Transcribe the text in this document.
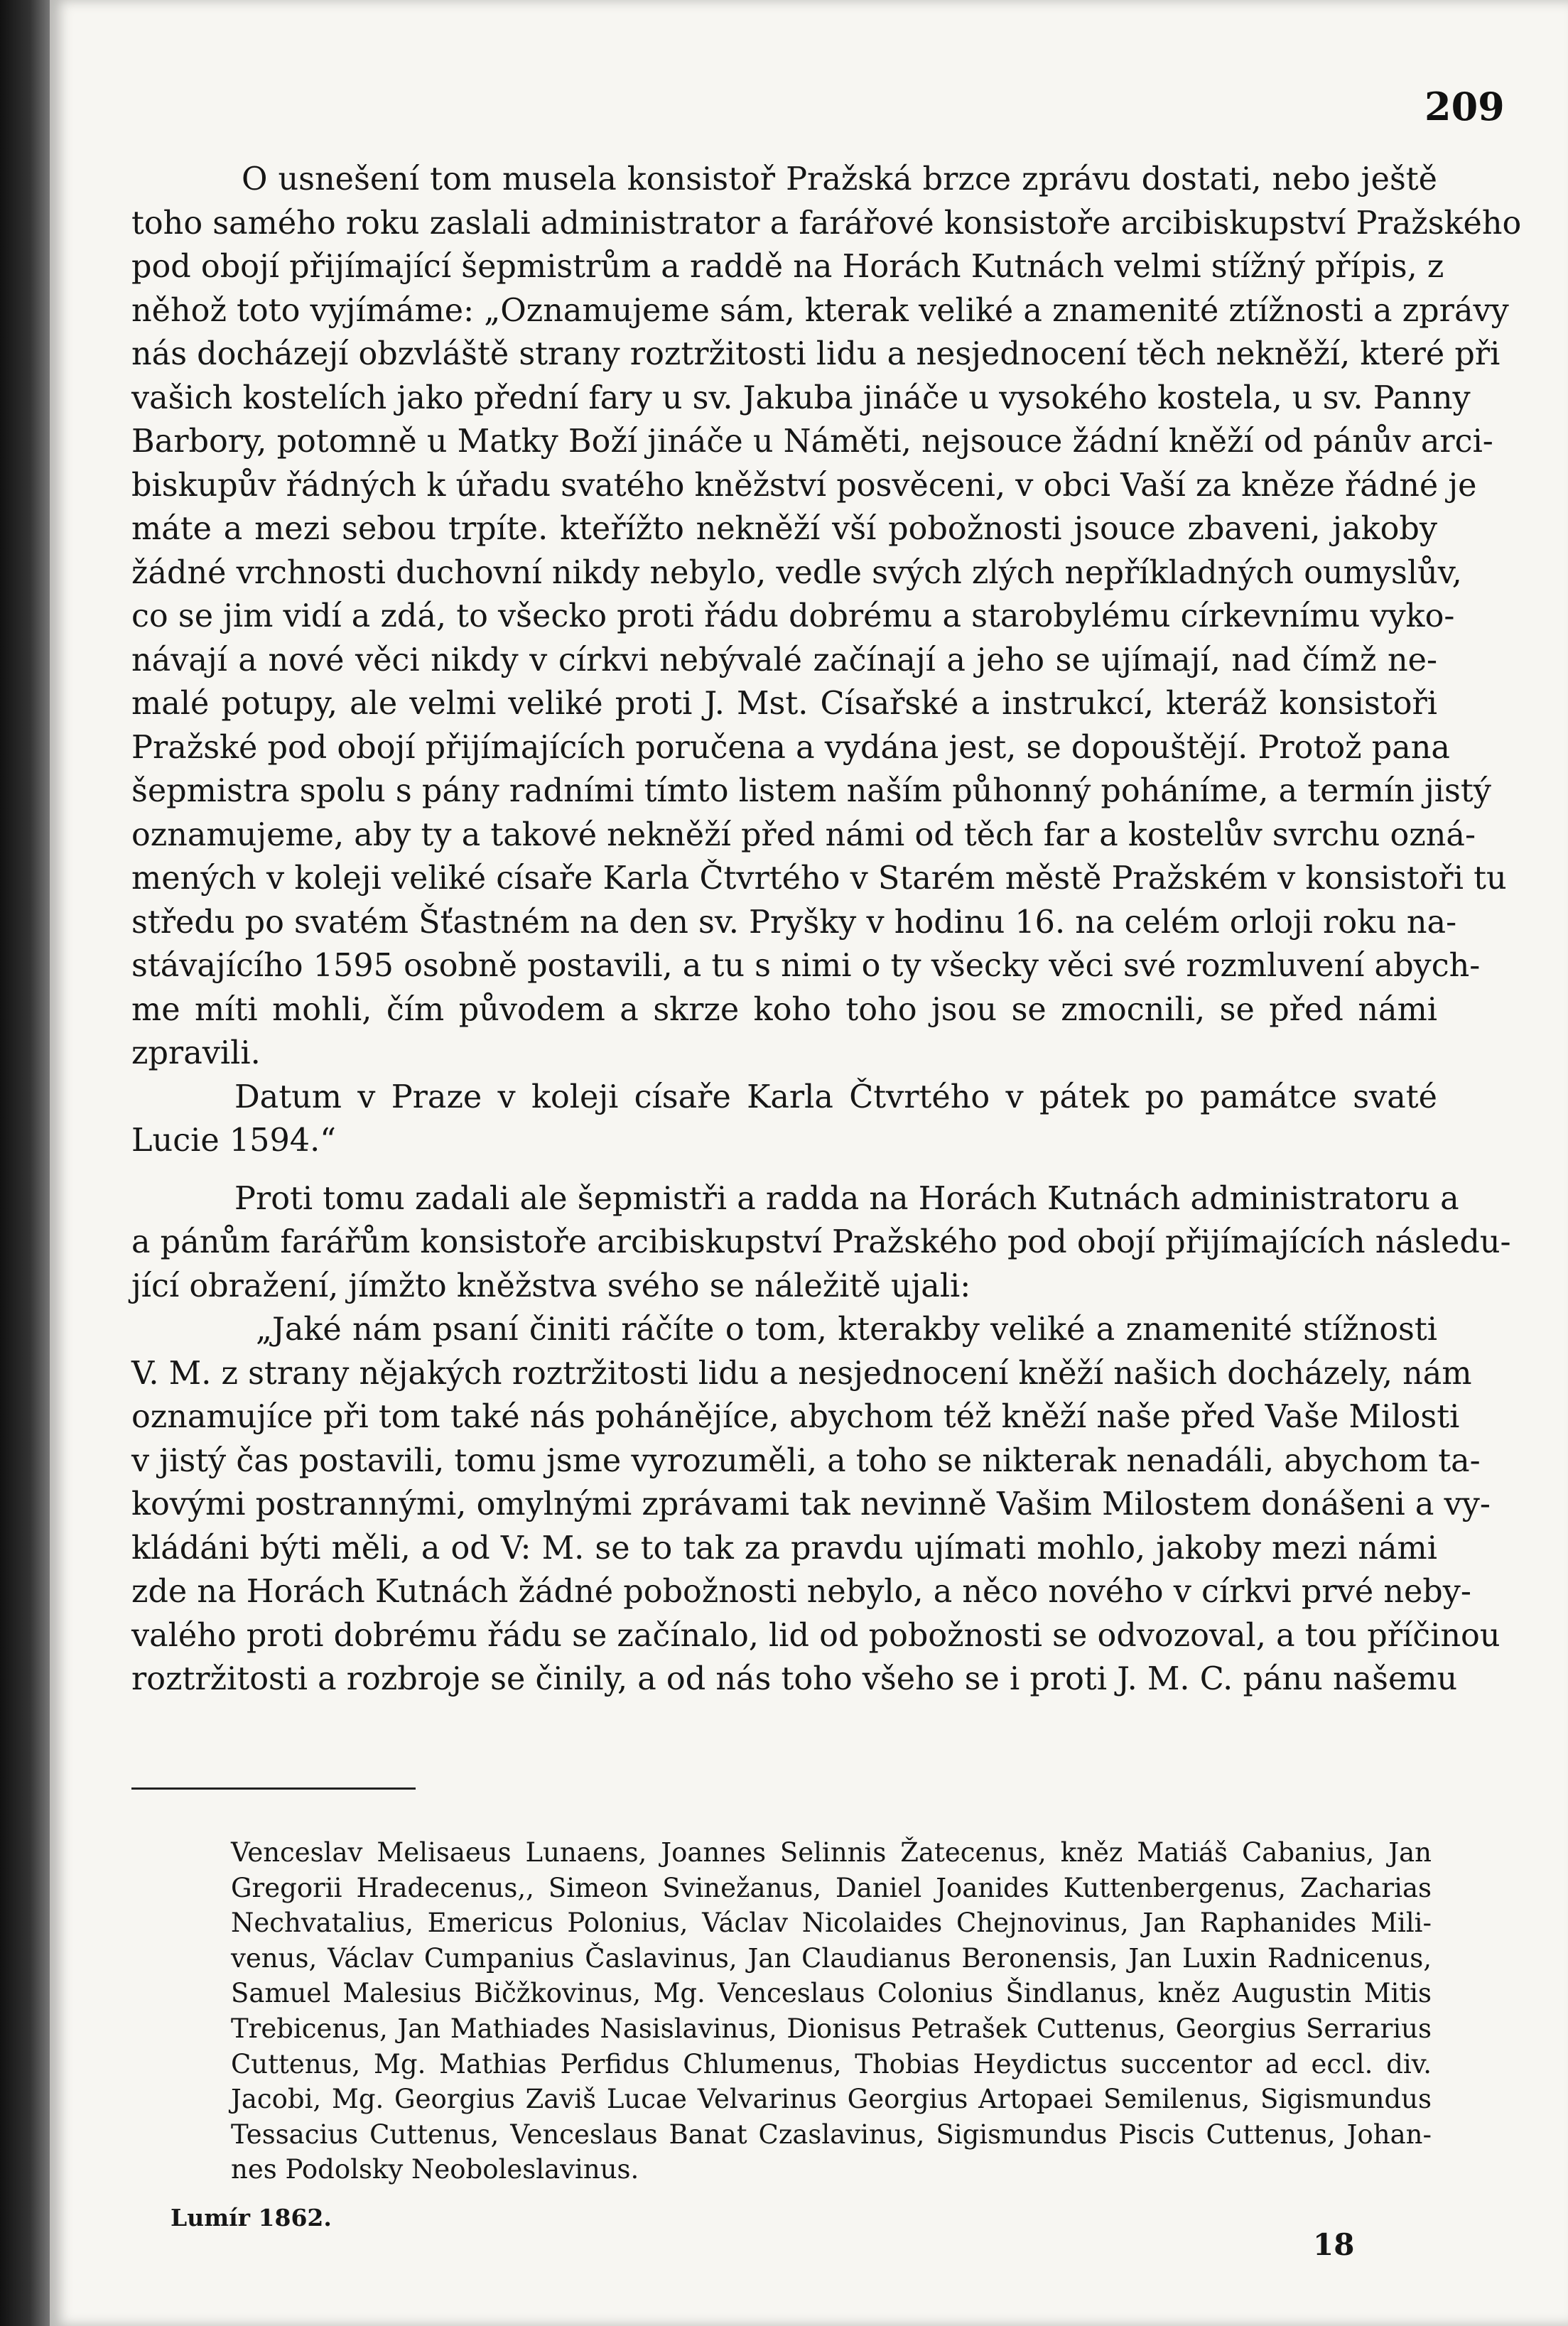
209

O usnešení tom musela konsistoř Pražská brzce zprávu dostati, nebo ještě

toho samého roku zaslali administrator a farářové konsistoře arcibiskupství Pražského

pod obojí přijímající šepmistrům a raddě na Horách Kutnách velmi stížný přípis, z

něhož toto vyjímáme: „Oznamujeme sám, kterak veliké a znamenité ztížnosti a zprávy

nás docházejí obzvláště strany roztržitosti lidu a nesjednocení těch nekněží, které při

vašich kostelích jako přední fary u sv. Jakuba jináče u vysokého kostela, u sv. Panny

Barbory, potomně u Matky Boží jináče u Náměti, nejsouce žádní kněží od pánův arci-

biskupův řádných k úřadu svatého kněžství posvěceni, v obci Vaší za kněze řádné je

máte a mezi sebou trpíte. kteřížto nekněží vší pobožnosti jsouce zbaveni, jakoby

žádné vrchnosti duchovní nikdy nebylo, vedle svých zlých nepříkladných oumyslův,

co se jim vidí a zdá, to všecko proti řádu dobrému a starobylému církevnímu vyko-

návají a nové věci nikdy v církvi nebývalé začínají a jeho se ujímají, nad čímž ne-

malé potupy, ale velmi veliké proti J. Mst. Císařské a instrukcí, kteráž konsistoři

Pražské pod obojí přijímajících poručena a vydána jest, se dopouštějí. Protož pana

šepmistra spolu s pány radními tímto listem naším půhonný poháníme, a termín jistý

oznamujeme, aby ty a takové nekněží před námi od těch far a kostelův svrchu ozná-

mených v koleji veliké císaře Karla Čtvrtého v Starém městě Pražském v konsistoři tu

středu po svatém Šťastném na den sv. Pryšky v hodinu 16. na celém orloji roku na-

stávajícího 1595 osobně postavili, a tu s nimi o ty všecky věci své rozmluvení abych-

me míti mohli, čím původem a skrze koho toho jsou se zmocnili, se před námi

zpravili.

Datum v Praze v koleji císaře Karla Čtvrtého v pátek po památce svaté

Lucie 1594.“

Proti tomu zadali ale šepmistři a radda na Horách Kutnách administratoru a

a pánům farářům konsistoře arcibiskupství Pražského pod obojí přijímajících následu-

jící obražení, jímžto kněžstva svého se náležitě ujali:

„Jaké nám psaní činiti ráčíte o tom, kterakby veliké a znamenité stížnosti

V. M. z strany nějakých roztržitosti lidu a nesjednocení kněží našich docházely, nám

oznamujíce při tom také nás pohánějíce, abychom též kněží naše před Vaše Milosti

v jistý čas postavili, tomu jsme vyrozuměli, a toho se nikterak nenadáli, abychom ta-

kovými postrannými, omylnými zprávami tak nevinně Vašim Milostem donášeni a vy-

kládáni býti měli, a od V: M. se to tak za pravdu ujímati mohlo, jakoby mezi námi

zde na Horách Kutnách žádné pobožnosti nebylo, a něco nového v církvi prvé neby-

valého proti dobrému řádu se začínalo, lid od pobožnosti se odvozoval, a tou příčinou

roztržitosti a rozbroje se činily, a od nás toho všeho se i proti J. M. C. pánu našemu

Venceslav Melisaeus Lunaens, Joannes Selinnis Žatecenus, kněz Matiáš Cabanius, Jan

Gregorii Hradecenus,, Simeon Svinežanus, Daniel Joanides Kuttenbergenus, Zacharias

Nechvatalius, Emericus Polonius, Václav Nicolaides Chejnovinus, Jan Raphanides Mili-

venus, Václav Cumpanius Časlavinus, Jan Claudianus Beronensis, Jan Luxin Radnicenus,

Samuel Malesius Bičžkovinus, Mg. Venceslaus Colonius Šindlanus, kněz Augustin Mitis

Trebicenus, Jan Mathiades Nasislavinus, Dionisus Petrašek Cuttenus, Georgius Serrarius

Cuttenus, Mg. Mathias Perfidus Chlumenus, Thobias Heydictus succentor ad eccl. div.

Jacobi, Mg. Georgius Zaviš Lucae Velvarinus Georgius Artopaei Semilenus, Sigismundus

Tessacius Cuttenus, Venceslaus Banat Czaslavinus, Sigismundus Piscis Cuttenus, Johan-

nes Podolsky Neoboleslavinus.

Lumír 1862.
18
